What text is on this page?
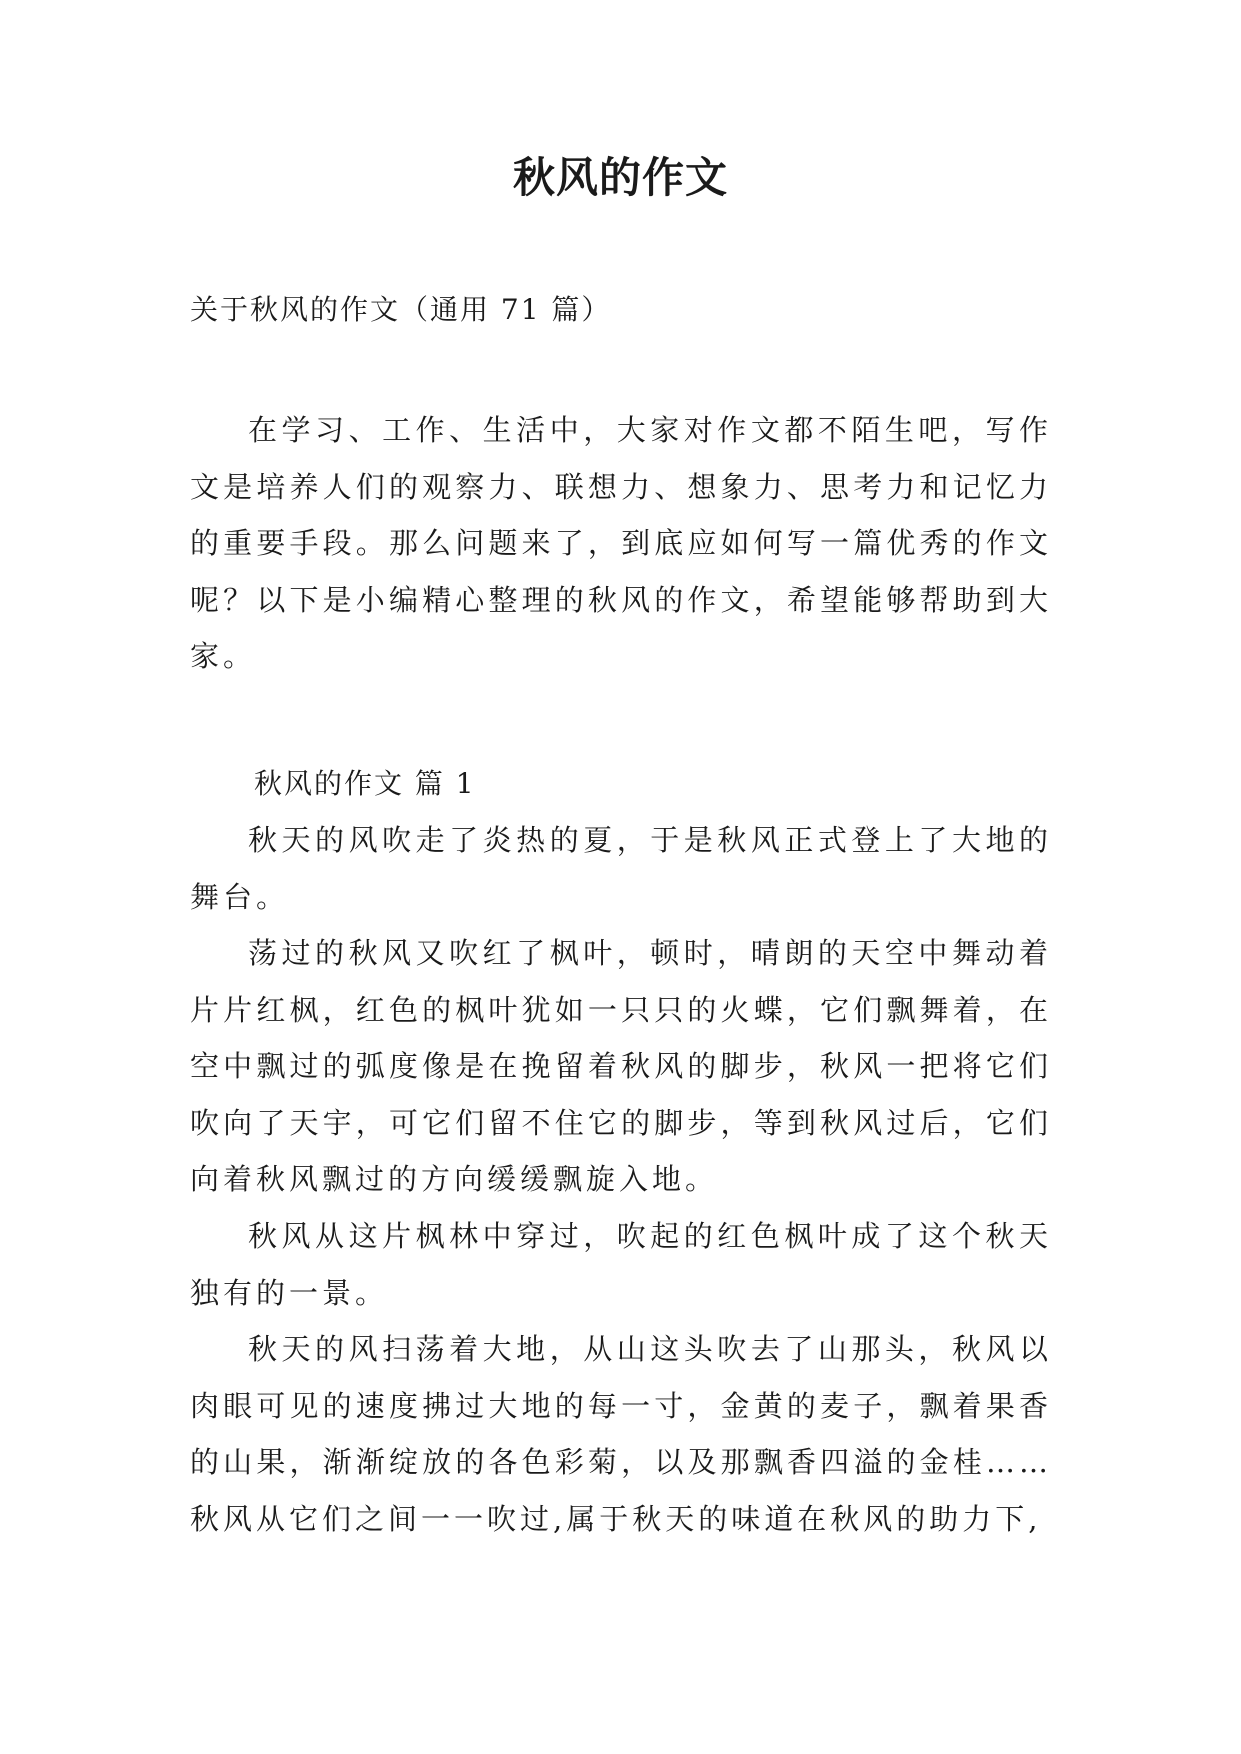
秋风的作文

关于秋风的作文（通用 71 篇）

在学习、工作、生活中，大家对作文都不陌生吧，写作文是培养人们的观察力、联想力、想象力、思考力和记忆力的重要手段。那么问题来了，到底应如何写一篇优秀的作文呢？以下是小编精心整理的秋风的作文，希望能够帮助到大家。

秋风的作文 篇 1

秋天的风吹走了炎热的夏，于是秋风正式登上了大地的舞台。

荡过的秋风又吹红了枫叶，顿时，晴朗的天空中舞动着片片红枫，红色的枫叶犹如一只只的火蝶，它们飘舞着，在空中飘过的弧度像是在挽留着秋风的脚步，秋风一把将它们吹向了天宇，可它们留不住它的脚步，等到秋风过后，它们向着秋风飘过的方向缓缓飘旋入地。

秋风从这片枫林中穿过，吹起的红色枫叶成了这个秋天独有的一景。

秋天的风扫荡着大地，从山这头吹去了山那头，秋风以肉眼可见的速度拂过大地的每一寸，金黄的麦子，飘着果香的山果，渐渐绽放的各色彩菊，以及那飘香四溢的金桂……秋风从它们之间一一吹过,属于秋天的味道在秋风的助力下,
